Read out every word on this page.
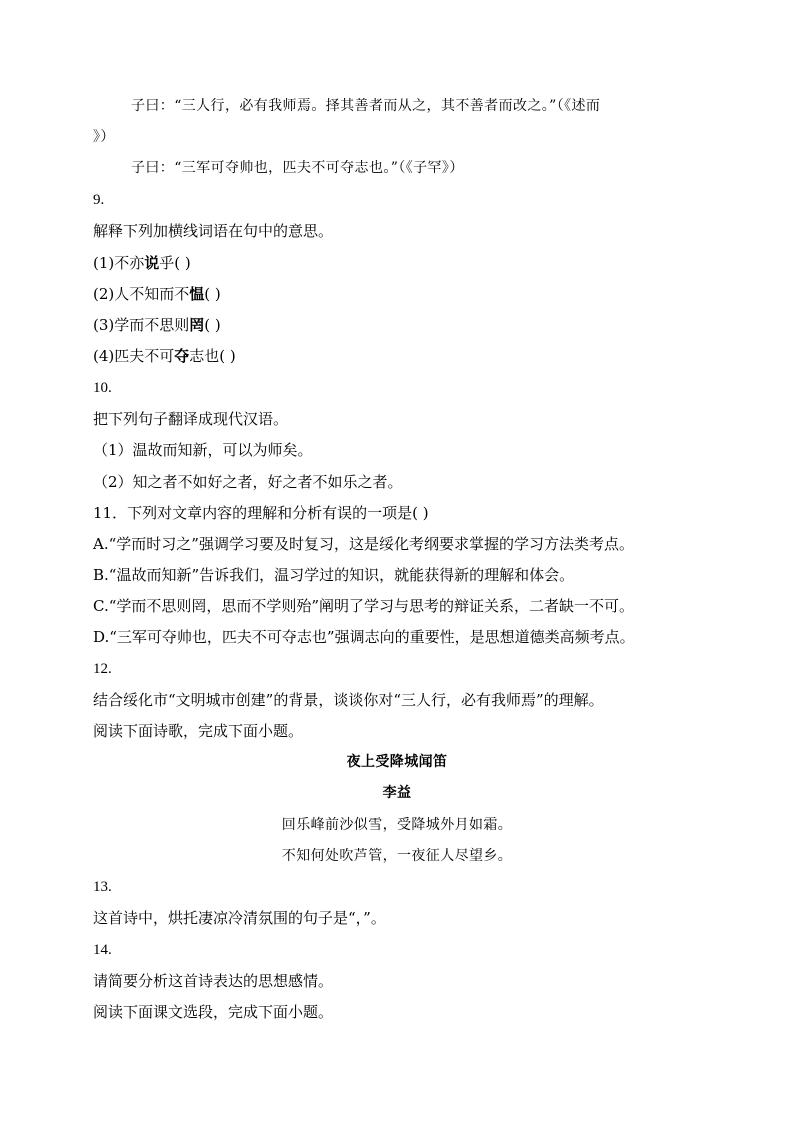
子曰：“三人行，必有我师焉。择其善者而从之，其不善者而改之。”（《述而
》）
子曰：“三军可夺帅也，匹夫不可夺志也。”（《子罕》）
9.
解释下列加横线词语在句中的意思。
(1)不亦说乎( )
(2)人不知而不愠( )
(3)学而不思则罔( )
(4)匹夫不可夺志也( )
10.
把下列句子翻译成现代汉语。
（1）温故而知新，可以为师矣。
（2）知之者不如好之者，好之者不如乐之者。
11．下列对文章内容的理解和分析有误的一项是( )
A.“学而时习之”强调学习要及时复习，这是绥化考纲要求掌握的学习方法类考点。
B.“温故而知新”告诉我们，温习学过的知识，就能获得新的理解和体会。
C.“学而不思则罔，思而不学则殆”阐明了学习与思考的辩证关系，二者缺一不可。
D.“三军可夺帅也，匹夫不可夺志也”强调志向的重要性，是思想道德类高频考点。
12.
结合绥化市“文明城市创建”的背景，谈谈你对“三人行，必有我师焉”的理解。
阅读下面诗歌，完成下面小题。
夜上受降城闻笛
李益
回乐峰前沙似雪，受降城外月如霜。
不知何处吹芦管，一夜征人尽望乡。
13.
这首诗中，烘托凄凉冷清氛围的句子是“，”。
14.
请简要分析这首诗表达的思想感情。
阅读下面课文选段，完成下面小题。
